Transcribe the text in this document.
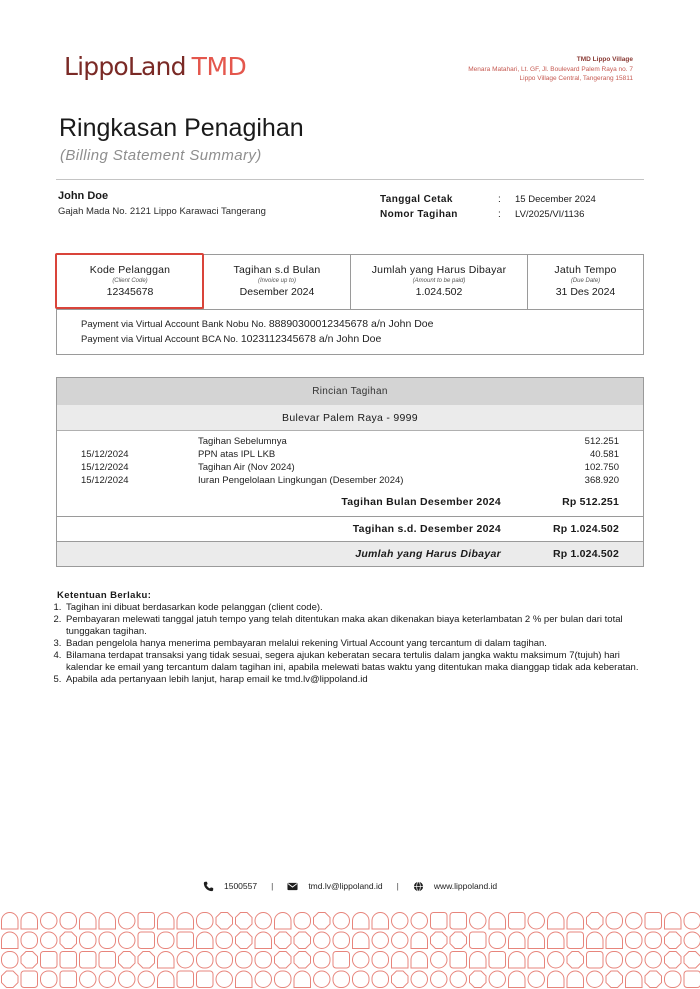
LippoLand TMD	TMD Lippo Village
Menara Matahari, Lt. GF, Jl. Boulevard Palem Raya no. 7
Lippo Village Central, Tangerang 15811
Ringkasan Penagihan
(Billing Statement Summary)
John Doe
Gajah Mada No. 2121 Lippo Karawaci Tangerang
Tanggal Cetak	:	15 December 2024
Nomor Tagihan	:	LV/2025/VI/1136
Kode Pelanggan
(Client Code)
12345678
Tagihan s.d Bulan
(Invoice up to)
Desember 2024
Jumlah yang Harus Dibayar
(Amount to be paid)
1.024.502
Jatuh Tempo
(Due Date)
31 Des 2024
Payment via Virtual Account Bank Nobu No. 88890300012345678 a/n John Doe
Payment via Virtual Account BCA No. 1023112345678 a/n John Doe
Rincian Tagihan
Bulevar Palem Raya - 9999
Tagihan Sebelumnya	512.251
15/12/2024	PPN atas IPL LKB	40.581
15/12/2024	Tagihan Air (Nov 2024)	102.750
15/12/2024	Iuran Pengelolaan Lingkungan (Desember 2024)	368.920
Tagihan Bulan Desember 2024	Rp 512.251
Tagihan s.d. Desember 2024	Rp 1.024.502
Jumlah yang Harus Dibayar	Rp 1.024.502
Ketentuan Berlaku:
1. Tagihan ini dibuat berdasarkan kode pelanggan (client code).
2. Pembayaran melewati tanggal jatuh tempo yang telah ditentukan maka akan dikenakan biaya keterlambatan 2 % per bulan dari total tunggakan tagihan.
3. Badan pengelola hanya menerima pembayaran melalui rekening Virtual Account yang tercantum di dalam tagihan.
4. Bilamana terdapat transaksi yang tidak sesuai, segera ajukan keberatan secara tertulis dalam jangka waktu maksimum 7(tujuh) hari kalendar ke email yang tercantum dalam tagihan ini, apabila melewati batas waktu yang ditentukan maka dianggap tidak ada keberatan.
5. Apabila ada pertanyaan lebih lanjut, harap email ke tmd.lv@lippoland.id
1500557 |	tmd.lv@lippoland.id |	www.lippoland.id
